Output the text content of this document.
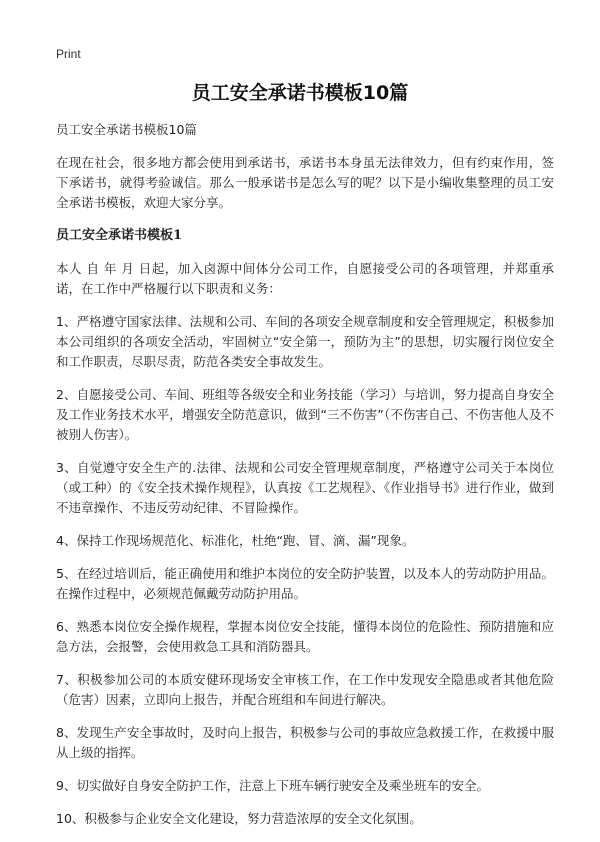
Print
员工安全承诺书模板10篇

员工安全承诺书模板10篇

在现在社会，很多地方都会使用到承诺书，承诺书本身虽无法律效力，但有约束作用，签下承诺书，就得考验诚信。那么一般承诺书是怎么写的呢？以下是小编收集整理的员工安全承诺书模板，欢迎大家分享。

员工安全承诺书模板1

本人 自 年 月 日起，加入卤源中间体分公司工作，自愿接受公司的各项管理，并郑重承诺，在工作中严格履行以下职责和义务：

1、严格遵守国家法律、法规和公司、车间的各项安全规章制度和安全管理规定，积极参加本公司组织的各项安全活动，牢固树立“安全第一，预防为主”的思想，切实履行岗位安全和工作职责，尽职尽责，防范各类安全事故发生。

2、自愿接受公司、车间、班组等各级安全和业务技能（学习）与培训，努力提高自身安全及工作业务技术水平，增强安全防范意识，做到“三不伤害”（不伤害自己、不伤害他人及不被别人伤害）。

3、自觉遵守安全生产的.法律、法规和公司安全管理规章制度，严格遵守公司关于本岗位（或工种）的《安全技术操作规程》，认真按《工艺规程》、《作业指导书》进行作业，做到不违章操作、不违反劳动纪律、不冒险操作。

4、保持工作现场规范化、标准化，杜绝“跑、冒、滴、漏”现象。

5、在经过培训后，能正确使用和维护本岗位的安全防护装置，以及本人的劳动防护用品。在操作过程中，必须规范佩戴劳动防护用品。

6、熟悉本岗位安全操作规程，掌握本岗位安全技能，懂得本岗位的危险性、预防措施和应急方法，会报警，会使用救急工具和消防器具。

7、积极参加公司的本质安健环现场安全审核工作，在工作中发现安全隐患或者其他危险（危害）因素，立即向上报告，并配合班组和车间进行解决。

8、发现生产安全事故时，及时向上报告，积极参与公司的事故应急救援工作，在救援中服从上级的指挥。

9、切实做好自身安全防护工作，注意上下班车辆行驶安全及乘坐班车的安全。

10、积极参与企业安全文化建设，努力营造浓厚的安全文化氛围。
